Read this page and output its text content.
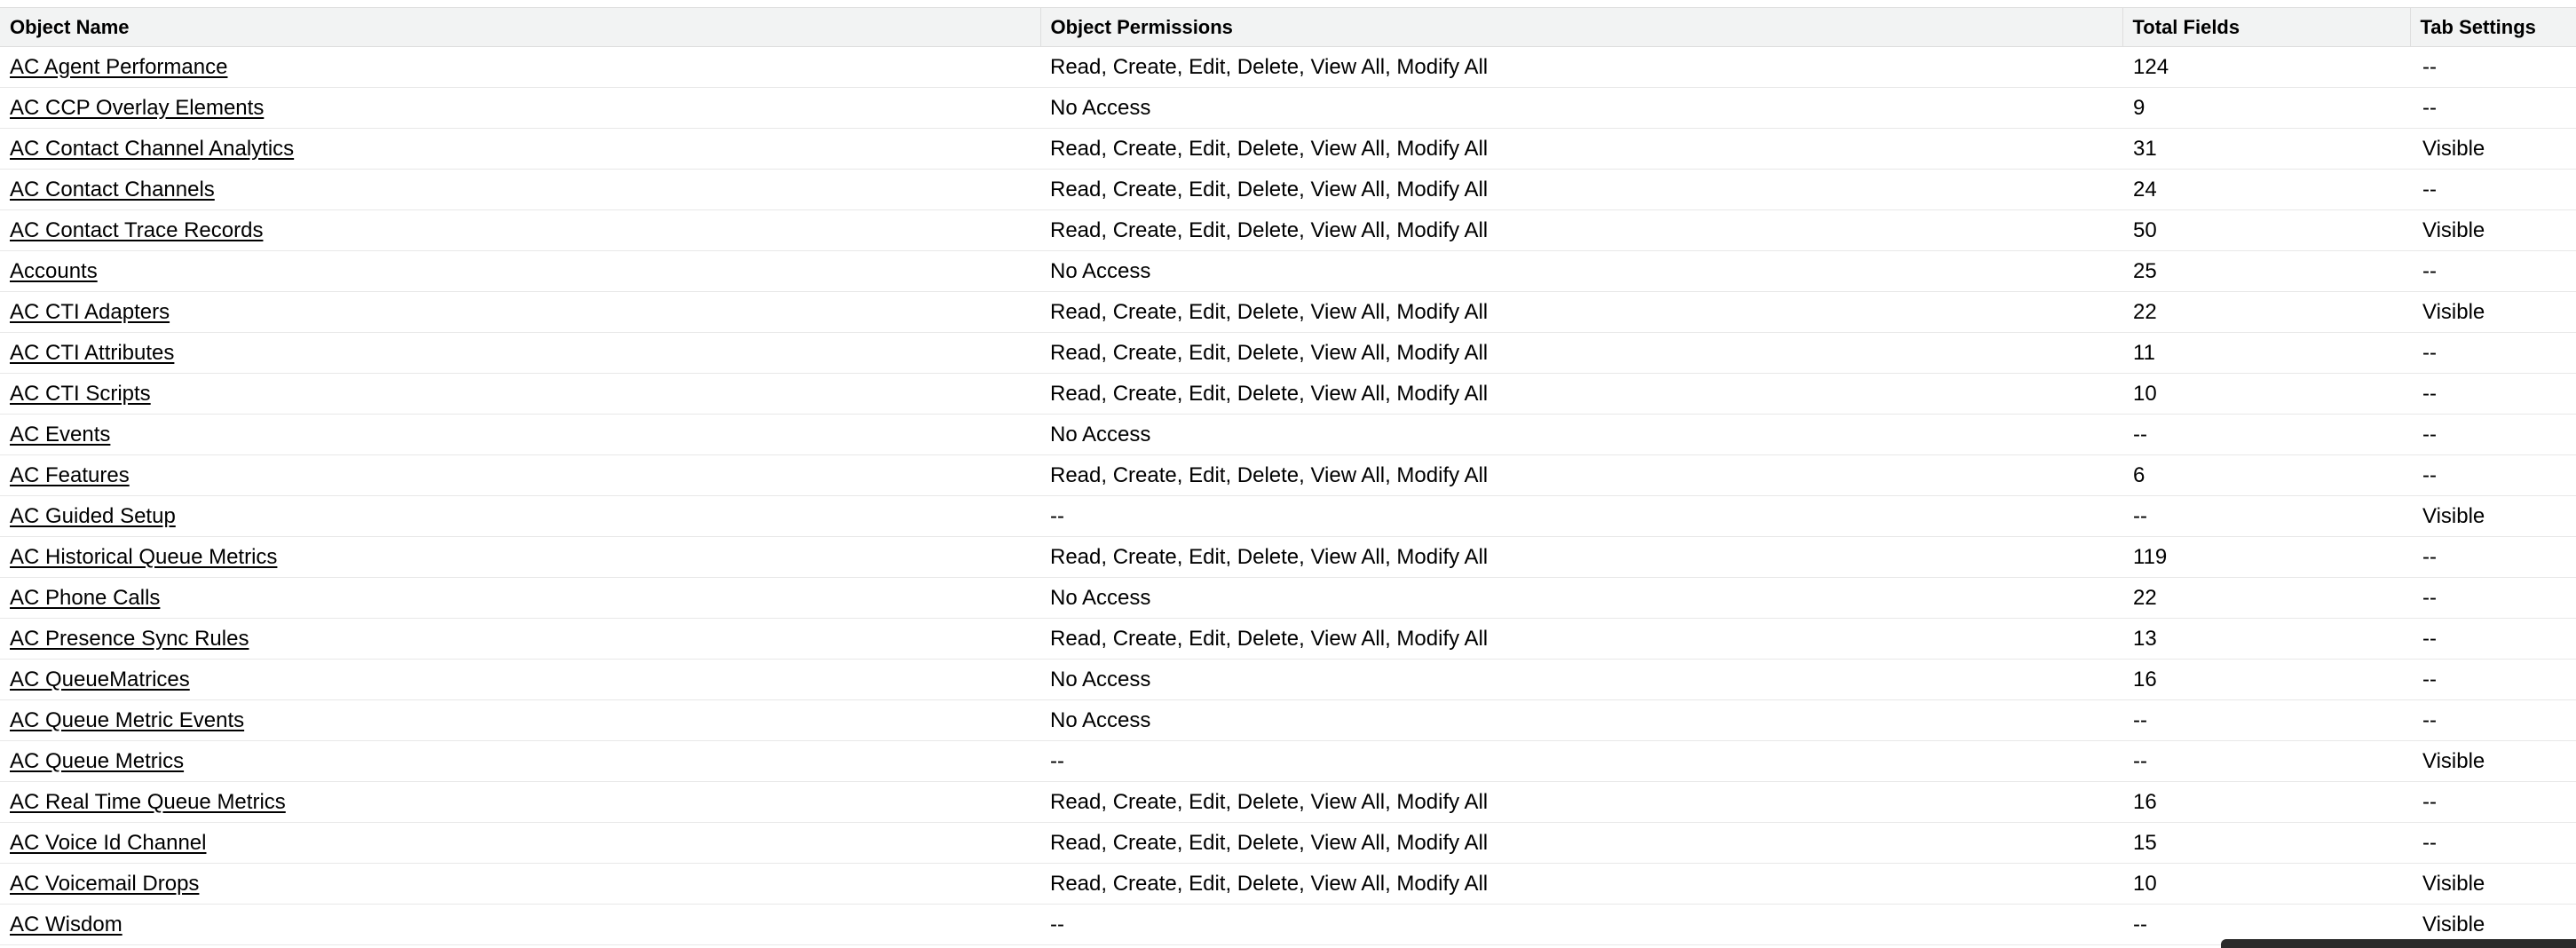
Object Name	Object Permissions	Total Fields	Tab Settings
AC Agent Performance	Read, Create, Edit, Delete, View All, Modify All	124	--
AC CCP Overlay Elements	No Access	9	--
AC Contact Channel Analytics	Read, Create, Edit, Delete, View All, Modify All	31	Visible
AC Contact Channels	Read, Create, Edit, Delete, View All, Modify All	24	--
AC Contact Trace Records	Read, Create, Edit, Delete, View All, Modify All	50	Visible
Accounts	No Access	25	--
AC CTI Adapters	Read, Create, Edit, Delete, View All, Modify All	22	Visible
AC CTI Attributes	Read, Create, Edit, Delete, View All, Modify All	11	--
AC CTI Scripts	Read, Create, Edit, Delete, View All, Modify All	10	--
AC Events	No Access	--	--
AC Features	Read, Create, Edit, Delete, View All, Modify All	6	--
AC Guided Setup	--	--	Visible
AC Historical Queue Metrics	Read, Create, Edit, Delete, View All, Modify All	119	--
AC Phone Calls	No Access	22	--
AC Presence Sync Rules	Read, Create, Edit, Delete, View All, Modify All	13	--
AC QueueMatrices	No Access	16	--
AC Queue Metric Events	No Access	--	--
AC Queue Metrics	--	--	Visible
AC Real Time Queue Metrics	Read, Create, Edit, Delete, View All, Modify All	16	--
AC Voice Id Channel	Read, Create, Edit, Delete, View All, Modify All	15	--
AC Voicemail Drops	Read, Create, Edit, Delete, View All, Modify All	10	Visible
AC Wisdom	--	--	Visible
